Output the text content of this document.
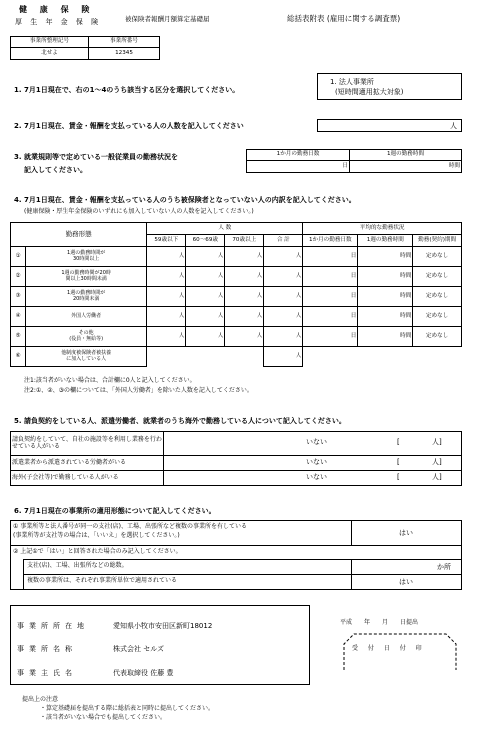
健 康 保 険
厚 生 年 金 保 険	被保険者報酬月額算定基礎届	総括表附表 (雇用に関する調査票)
事業所整理記号	事業所番号
北せよ	12345
1. 7月1日現在で、右の1～4のうち該当する区分を選択してください。
1. 法人事業所
(短時間適用拡大対象)
2. 7月1日現在、賃金・報酬を支払っている人の人数を記入してください	人
3. 就業規則等で定めている一般従業員の勤務状況を
記入してください。
1か月の勤務日数	1週の勤務時間
日	時間
4. 7月1日現在、賃金・報酬を支払っている人のうち被保険者となっていない人の内訳を記入してください。
(健康保険・厚生年金保険のいずれにも加入していない人の人数を記入してください。)
勤務形態		人 数				平均的な勤務状況		
		59歳以下	60～69歳	70歳以上	合 計	1か月の勤務日数	1週の勤務時間	勤務(契約)期間
①	1週の勤務時間が
30時間以上	人	人	人	人	日	時間	定めなし
②	1週の勤務時間が20時
間以上30時間未満	人	人	人	人	日	時間	定めなし
③	1週の勤務時間が
20時間未満	人	人	人	人	日	時間	定めなし
④	外国人労働者	人	人	人	人	日	時間	定めなし
⑤	その他
(役員・無給等)	人	人	人	人	日	時間	定めなし
⑥	他制度被保険者被扶養
に加入している人				人			
注1:該当者がいない場合は、合計欄に0人と記入してください。
注2:①、②、③の欄については、「外国人労働者」を除いた人数を記入してください。
5. 請負契約をしている人、派遣労働者、就業者のうち海外で勤務している人について記入してください。
請負契約をしていて、自社の施設等を利用し業務を行わせている人がいる	いない [ 人]

派遣業者から派遣されている労働者がいる	いない [ 人]

海外(子会社等)で勤務している人がいる	いない [ 人]
6. 7月1日現在の事業所の適用形態について記入してください。
① 事業所等と法人番号が同一の支社(店)、工場、出張所など複数の事業所を有している
(事業所等が支社等の場合は、「いいえ」を選択してください。)	はい
② 上記①で「はい」と回答された場合のみ記入してください。
支社(店)、工場、出張所などの総数。	か所
複数の事業所は、それぞれ事業所単位で適用されている	はい
事業所所在地	愛知県小牧市安田区新町18012
事業所名称	株式会社 セルズ
事業主氏名	代表取締役 佐藤 豊
平成　　年　　月　　日提出
受 付 日 付 印
提出上の注意
・算定基礎届を提出する際に総括表と同時に提出してください。
・該当者がいない場合でも提出してください。
